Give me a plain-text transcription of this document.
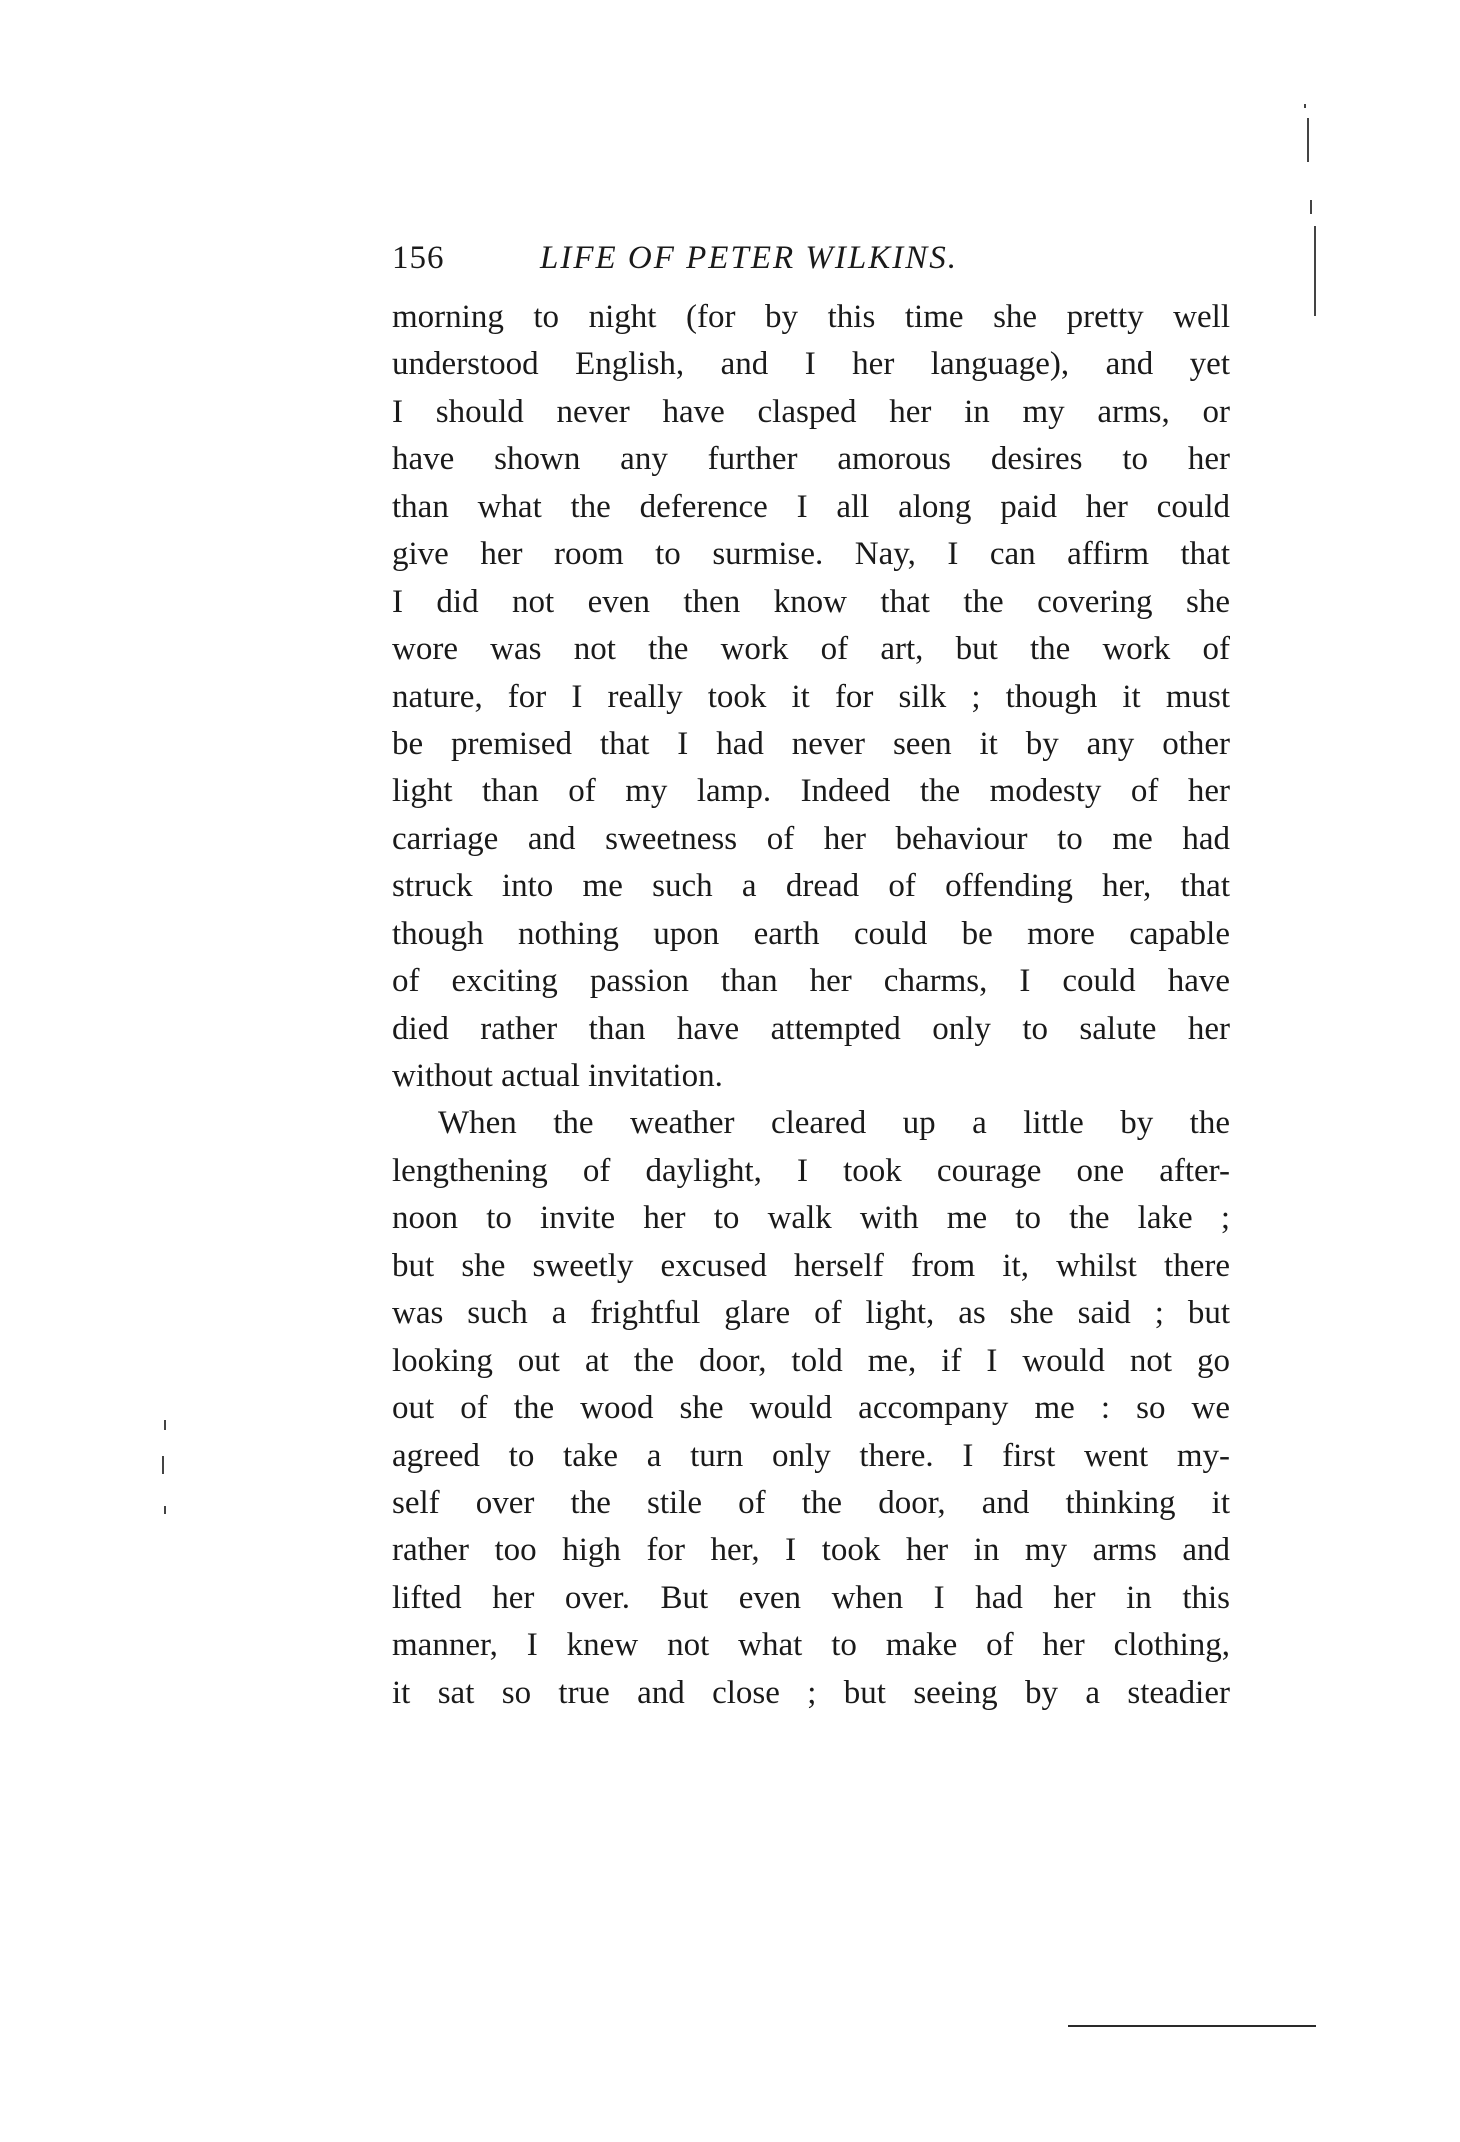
156	LIFE OF PETER WILKINS.
morning to night (for by this time she pretty well
understood English, and I her language), and yet
I should never have clasped her in my arms, or
have shown any further amorous desires to her
than what the deference I all along paid her could
give her room to surmise. Nay, I can affirm that
I did not even then know that the covering she
wore was not the work of art, but the work of
nature, for I really took it for silk ; though it must
be premised that I had never seen it by any other
light than of my lamp. Indeed the modesty of her
carriage and sweetness of her behaviour to me had
struck into me such a dread of offending her, that
though nothing upon earth could be more capable
of exciting passion than her charms, I could have
died rather than have attempted only to salute her
without actual invitation.
When the weather cleared up a little by the
lengthening of daylight, I took courage one after-
noon to invite her to walk with me to the lake ;
but she sweetly excused herself from it, whilst there
was such a frightful glare of light, as she said ; but
looking out at the door, told me, if I would not go
out of the wood she would accompany me : so we
agreed to take a turn only there. I first went my-
self over the stile of the door, and thinking it
rather too high for her, I took her in my arms and
lifted her over. But even when I had her in this
manner, I knew not what to make of her clothing,
it sat so true and close ; but seeing by a steadier
